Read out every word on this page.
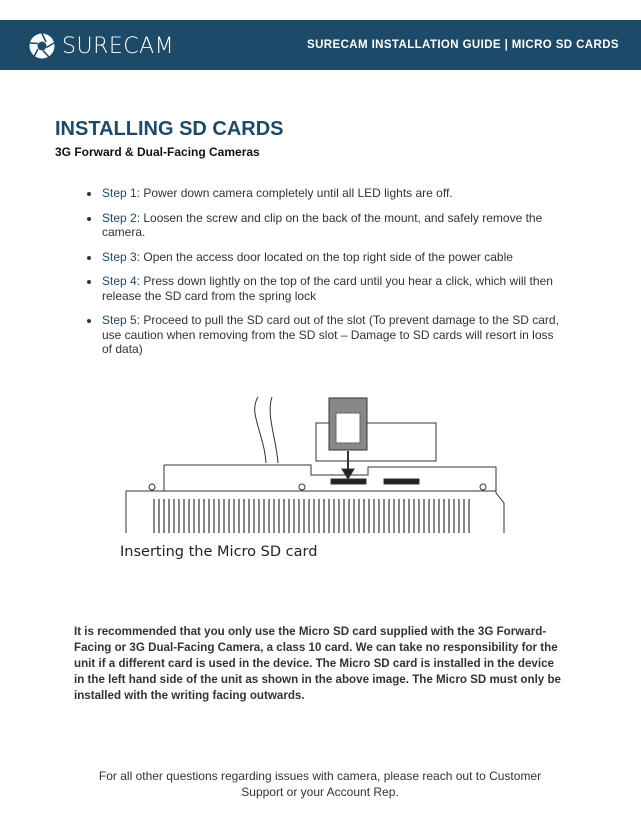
SURECAM	SURECAM INSTALLATION GUIDE | MICRO SD CARDS
INSTALLING SD CARDS
3G Forward & Dual-Facing Cameras
Step 1: Power down camera completely until all LED lights are off.
Step 2: Loosen the screw and clip on the back of the mount, and safely remove the camera.
Step 3: Open the access door located on the top right side of the power cable
Step 4: Press down lightly on the top of the card until you hear a click, which will then release the SD card from the spring lock
Step 5: Proceed to pull the SD card out of the slot (To prevent damage to the SD card, use caution when removing from the SD slot – Damage to SD cards will resort in loss of data)
Inserting the Micro SD card

It is recommended that you only use the Micro SD card supplied with the 3G Forward-Facing or 3G Dual-Facing Camera, a class 10 card. We can take no responsibility for the unit if a different card is used in the device. The Micro SD card is installed in the device in the left hand side of the unit as shown in the above image. The Micro SD must only be installed with the writing facing outwards.

For all other questions regarding issues with camera, please reach out to Customer Support or your Account Rep.
